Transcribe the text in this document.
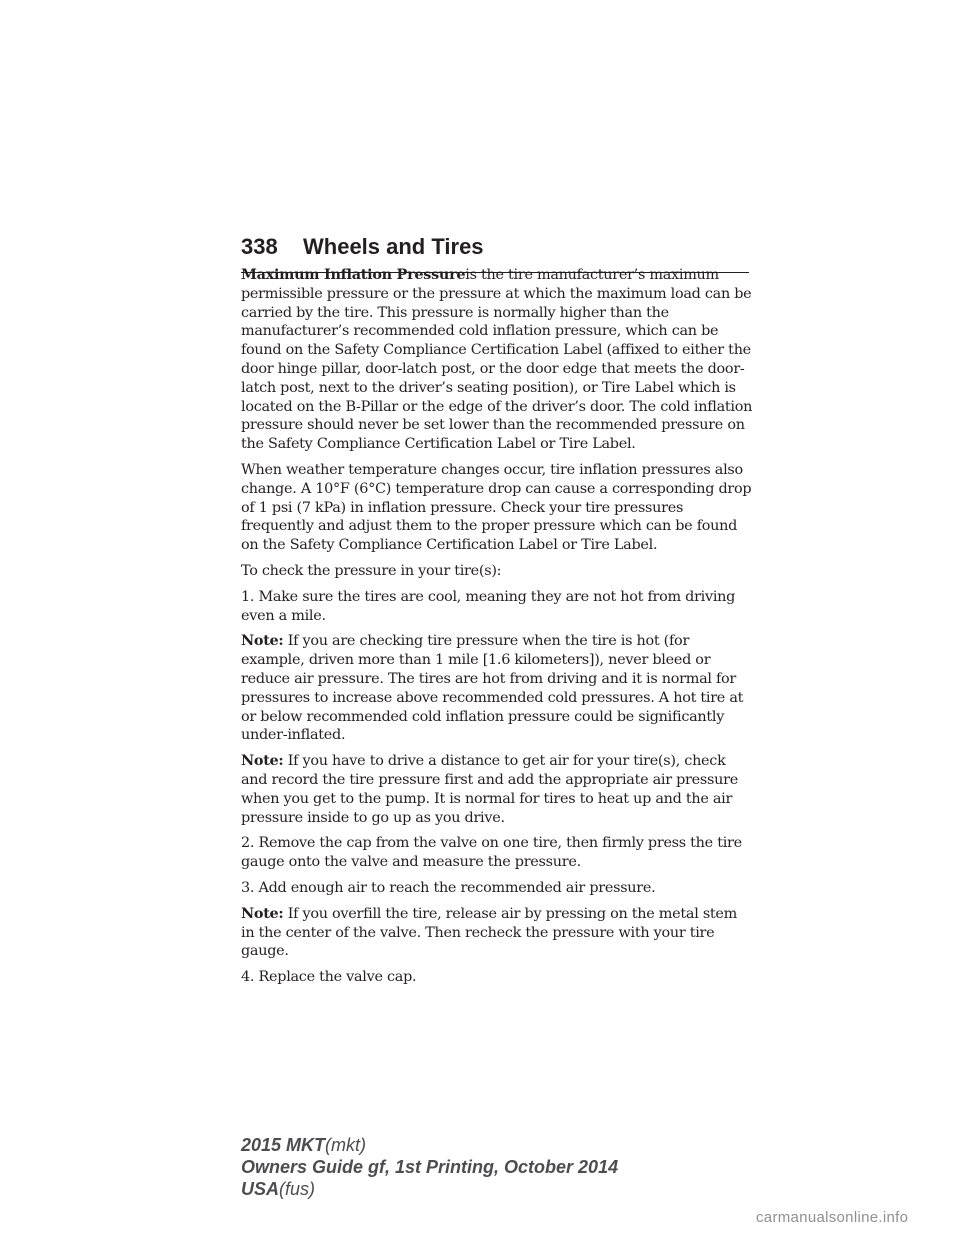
338 Wheels and Tires

Maximum Inflation Pressureis the tire manufacturer’s maximum permissible pressure or the pressure at which the maximum load can be carried by the tire. This pressure is normally higher than the manufacturer’s recommended cold inflation pressure, which can be found on the Safety Compliance Certification Label (affixed to either the door hinge pillar, door-latch post, or the door edge that meets the door-latch post, next to the driver’s seating position), or Tire Label which is located on the B-Pillar or the edge of the driver’s door. The cold inflation pressure should never be set lower than the recommended pressure on the Safety Compliance Certification Label or Tire Label.

When weather temperature changes occur, tire inflation pressures also change. A 10°F (6°C) temperature drop can cause a corresponding drop of 1 psi (7 kPa) in inflation pressure. Check your tire pressures frequently and adjust them to the proper pressure which can be found on the Safety Compliance Certification Label or Tire Label.

To check the pressure in your tire(s):

1. Make sure the tires are cool, meaning they are not hot from driving even a mile.

Note: If you are checking tire pressure when the tire is hot (for example, driven more than 1 mile [1.6 kilometers]), never bleed or reduce air pressure. The tires are hot from driving and it is normal for pressures to increase above recommended cold pressures. A hot tire at or below recommended cold inflation pressure could be significantly under-inflated.

Note: If you have to drive a distance to get air for your tire(s), check and record the tire pressure first and add the appropriate air pressure when you get to the pump. It is normal for tires to heat up and the air pressure inside to go up as you drive.

2. Remove the cap from the valve on one tire, then firmly press the tire gauge onto the valve and measure the pressure.

3. Add enough air to reach the recommended air pressure.

Note: If you overfill the tire, release air by pressing on the metal stem in the center of the valve. Then recheck the pressure with your tire gauge.

4. Replace the valve cap.

2015 MKT(mkt)
Owners Guide gf, 1st Printing, October 2014
USA(fus)
carmanualsonline.info
